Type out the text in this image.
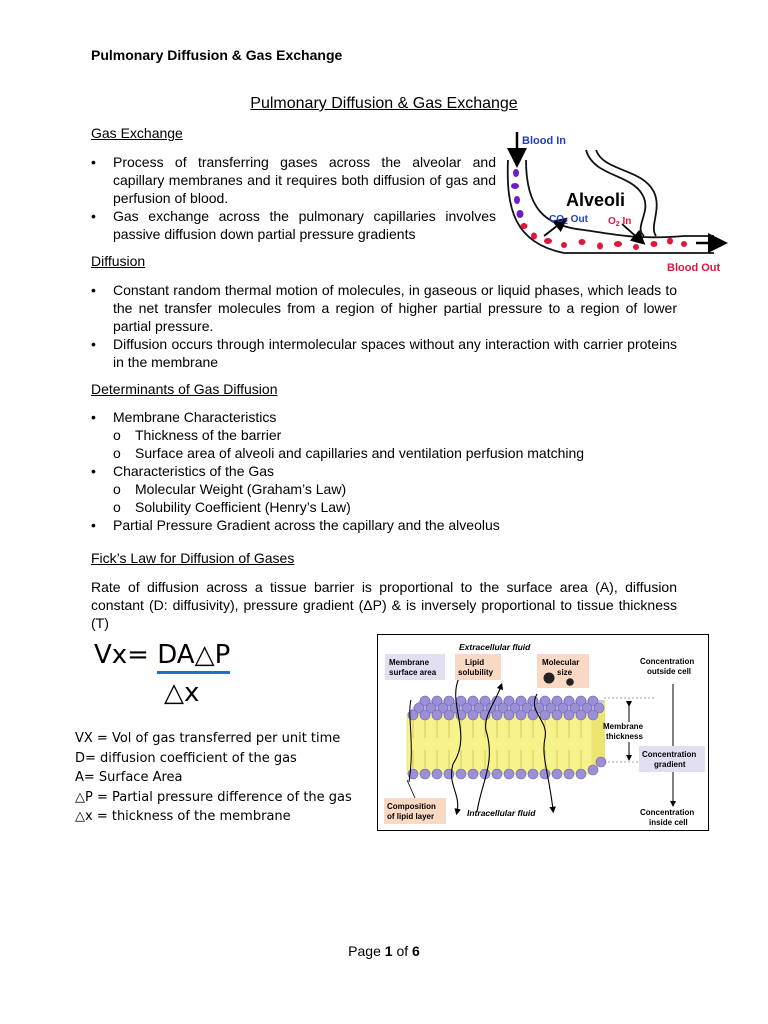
Pulmonary Diffusion & Gas Exchange
Pulmonary Diffusion & Gas Exchange
Gas Exchange
• Process of transferring gases across the alveolar and capillary membranes and it requires both diffusion of gas and perfusion of blood.
• Gas exchange across the pulmonary capillaries involves passive diffusion down partial pressure gradients
Blood In
Alveoli
$CO_2$ Out $O_2$ In
Blood Out
Diffusion
• Constant random thermal motion of molecules, in gaseous or liquid phases, which leads to the net transfer molecules from a region of higher partial pressure to a region of lower partial pressure.
• Diffusion occurs through intermolecular spaces without any interaction with carrier proteins in the membrane
Determinants of Gas Diffusion
• Membrane Characteristics
o Thickness of the barrier
o Surface area of alveoli and capillaries and ventilation perfusion matching
• Characteristics of the Gas
o Molecular Weight (Graham’s Law)
o Solubility Coefficient (Henry’s Law)
• Partial Pressure Gradient across the capillary and the alveolus
Fick’s Law for Diffusion of Gases

Rate of diffusion across a tissue barrier is proportional to the surface area (A), diffusion constant (D: diffusivity), pressure gradient (ΔP) & is inversely proportional to tissue thickness (T)

Vx= DA△P
△x
VX = Vol of gas transferred per unit time
D= diffusion coefficient of the gas
A= Surface Area
△P = Partial pressure difference of the gas
△x = thickness of the membrane
Extracellular fluid
Intracellular fluid
Membrane
surface area
Lipid
solubility
Molecular
size
Concentration
outside cell
Membrane
thickness
Concentration
gradient
Composition
of lipid layer	Concentration
inside cell
Page 1 of 6
